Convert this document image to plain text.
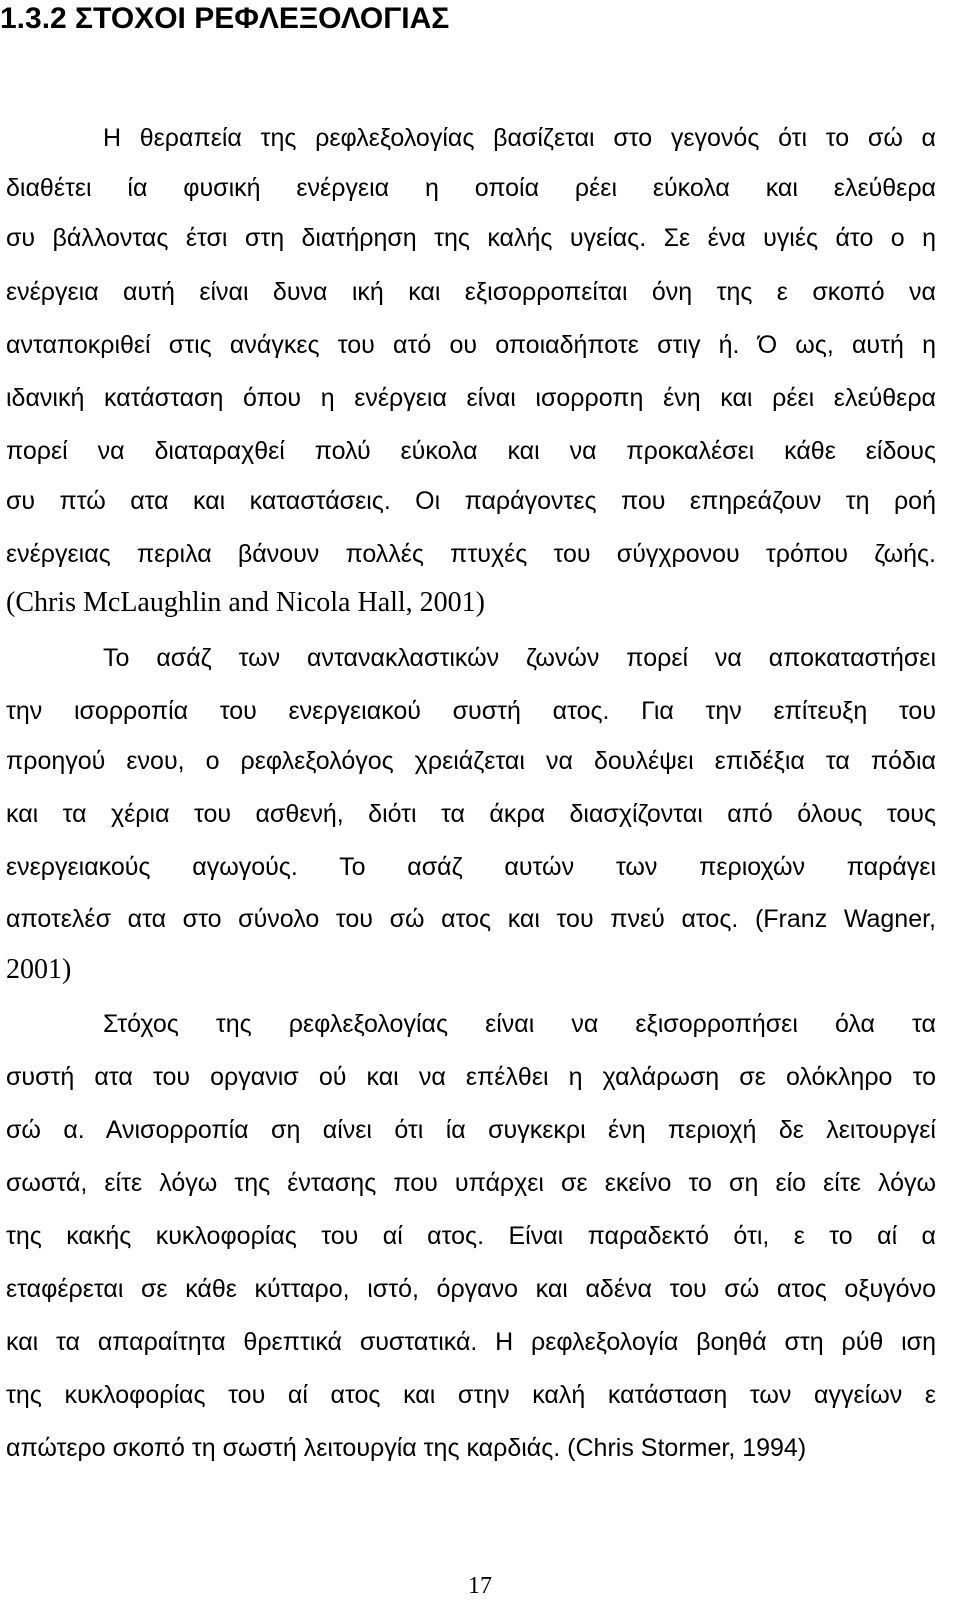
1.3.2 ΣΤΟΧΟΙ ΡΕΦΛΕΞΟΛΟΓΙΑΣ
Η θεραπεία της ρεφλεξολογίας βασίζεται στο γεγονός ότι το σώ α
διαθέτει ία φυσική ενέργεια η οποία ρέει εύκολα και ελεύθερα
συ βάλλοντας έτσι στη διατήρηση της καλής υγείας. Σε ένα υγιές άτο ο η
ενέργεια αυτή είναι δυνα ική και εξισορροπείται όνη της ε σκοπό να
ανταποκριθεί στις ανάγκες του ατό ου οποιαδήποτε στιγ ή. Ό ως, αυτή η
ιδανική κατάσταση όπου η ενέργεια είναι ισορροπη ένη και ρέει ελεύθερα
πορεί να διαταραχθεί πολύ εύκολα και να προκαλέσει κάθε είδους
συ πτώ ατα και καταστάσεις. Οι παράγοντες που επηρεάζουν τη ροή
ενέργειας περιλα βάνουν πολλές πτυχές του σύγχρονου τρόπου ζωής.
(Chris McLaughlin and Nicola Hall, 2001)
Το ασάζ των αντανακλαστικών ζωνών πορεί να αποκαταστήσει
την ισορροπία του ενεργειακού συστή ατος. Για την επίτευξη του
προηγού ενου, ο ρεφλεξολόγος χρειάζεται να δουλέψει επιδέξια τα πόδια
και τα χέρια του ασθενή, διότι τα άκρα διασχίζονται από όλους τους
ενεργειακούς αγωγούς. Το ασάζ αυτών των περιοχών παράγει
αποτελέσ ατα στο σύνολο του σώ ατος και του πνεύ ατος. (Franz Wagner,
2001)
Στόχος της ρεφλεξολογίας είναι να εξισορροπήσει όλα τα
συστή ατα του οργανισ ού και να επέλθει η χαλάρωση σε ολόκληρο το
σώ α. Ανισορροπία ση αίνει ότι ία συγκεκρι ένη περιοχή δε λειτουργεί
σωστά, είτε λόγω της έντασης που υπάρχει σε εκείνο το ση είο είτε λόγω
της κακής κυκλοφορίας του αί ατος. Είναι παραδεκτό ότι, ε το αί α
εταφέρεται σε κάθε κύτταρο, ιστό, όργανο και αδένα του σώ ατος οξυγόνο
και τα απαραίτητα θρεπτικά συστατικά. Η ρεφλεξολογία βοηθά στη ρύθ ιση
της κυκλοφορίας του αί ατος και στην καλή κατάσταση των αγγείων ε
απώτερο σκοπό τη σωστή λειτουργία της καρδιάς. (Chris Stormer, 1994)
17
